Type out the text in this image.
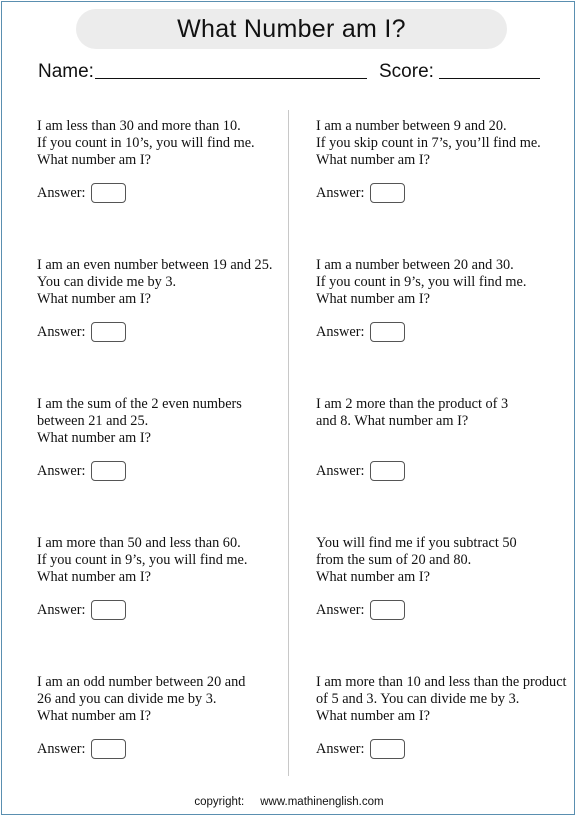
What Number am I?
Name:	Score:
I am less than 30 and more than 10.
If you count in 10’s, you will find me.
What number am I?
Answer:
I am a number between 9 and 20.
If you skip count in 7’s, you’ll find me.
What number am I?
Answer:
I am an even number between 19 and 25.
You can divide me by 3.
What number am I?
Answer:
I am a number between 20 and 30.
If you count in 9’s, you will find me.
What number am I?
Answer:
I am the sum of the 2 even numbers
between 21 and 25.
What number am I?
Answer:
I am 2 more than the product of 3
and 8. What number am I?
Answer:
I am more than 50 and less than 60.
If you count in 9’s, you will find me.
What number am I?
Answer:
You will find me if you subtract 50
from the sum of 20 and 80.
What number am I?
Answer:
I am an odd number between 20 and
26 and you can divide me by 3.
What number am I?
Answer:
I am more than 10 and less than the product
of 5 and 3. You can divide me by 3.
What number am I?
Answer:
copyright: www.mathinenglish.com
